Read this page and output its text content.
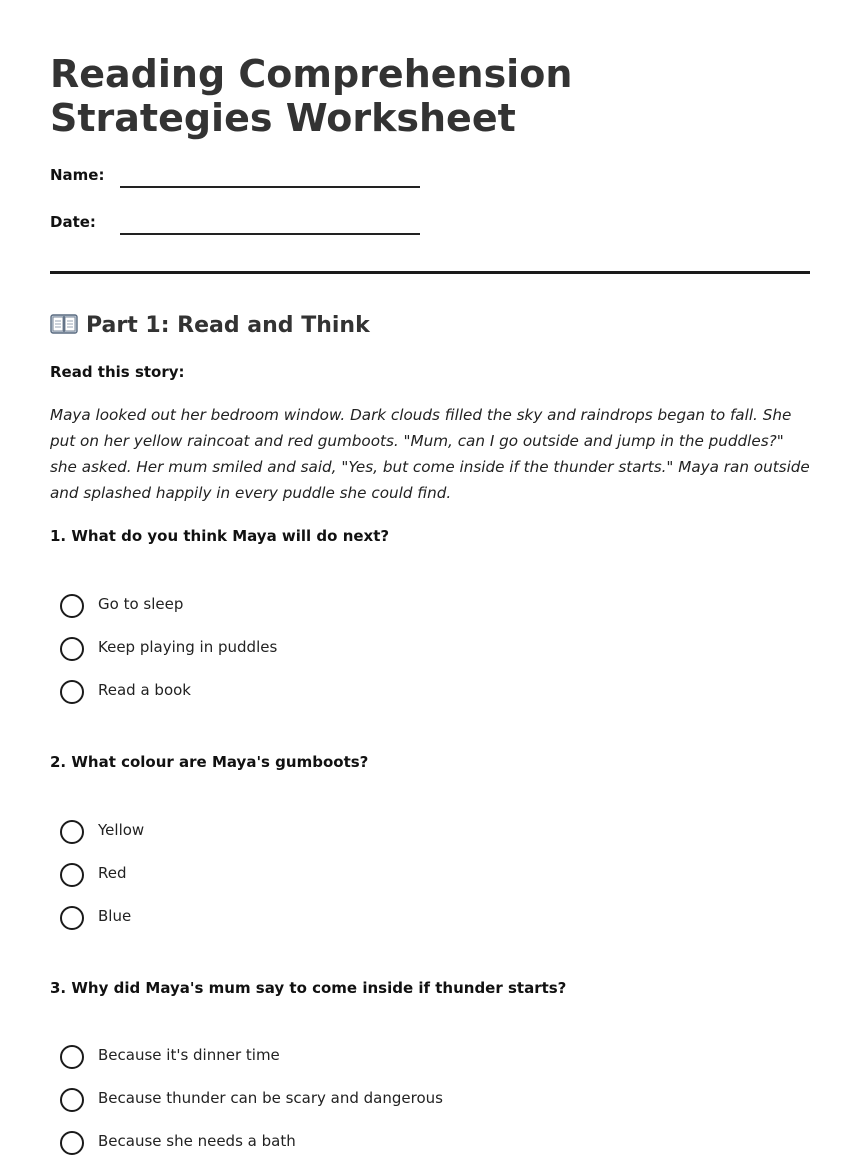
Reading Comprehension Strategies Worksheet
Name:
Date:
Part 1: Read and Think
Read this story:

Maya looked out her bedroom window. Dark clouds filled the sky and raindrops began to fall. She put on her yellow raincoat and red gumboots. "Mum, can I go outside and jump in the puddles?" she asked. Her mum smiled and said, "Yes, but come inside if the thunder starts." Maya ran outside and splashed happily in every puddle she could find.

1. What do you think Maya will do next?
Go to sleep
Keep playing in puddles
Read a book
2. What colour are Maya's gumboots?
Yellow
Red
Blue
3. Why did Maya's mum say to come inside if thunder starts?
Because it's dinner time
Because thunder can be scary and dangerous
Because she needs a bath
